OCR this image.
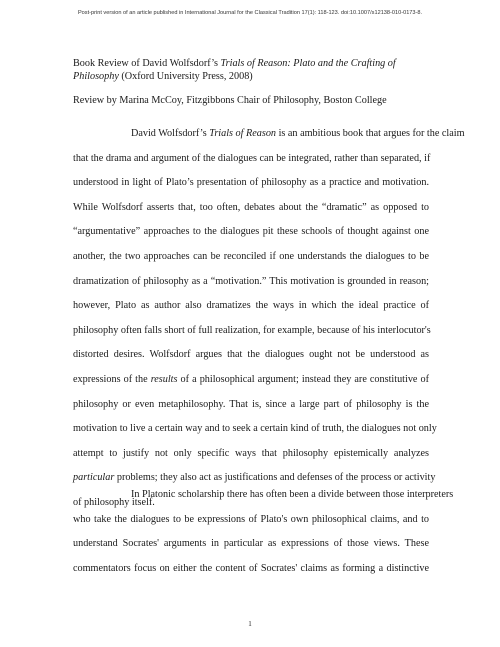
Post-print version of an article published in International Journal for the Classical Tradition 17(1): 118-123. doi:10.1007/s12138-010-0173-8.
Book Review of David Wolfsdorf’s Trials of Reason: Plato and the Crafting of Philosophy (Oxford University Press, 2008)
Review by Marina McCoy, Fitzgibbons Chair of Philosophy, Boston College
David Wolfsdorf’s Trials of Reason is an ambitious book that argues for the claim
that the drama and argument of the dialogues can be integrated, rather than separated, if
understood in light of Plato’s presentation of philosophy as a practice and motivation.
While Wolfsdorf asserts that, too often, debates about the “dramatic” as opposed to
“argumentative” approaches to the dialogues pit these schools of thought against one
another, the two approaches can be reconciled if one understands the dialogues to be
dramatization of philosophy as a “motivation.” This motivation is grounded in reason;
however, Plato as author also dramatizes the ways in which the ideal practice of
philosophy often falls short of full realization, for example, because of his interlocutor's
distorted desires. Wolfsdorf argues that the dialogues ought not be understood as
expressions of the results of a philosophical argument; instead they are constitutive of
philosophy or even metaphilosophy. That is, since a large part of philosophy is the
motivation to live a certain way and to seek a certain kind of truth, the dialogues not only
attempt to justify not only specific ways that philosophy epistemically analyzes
particular problems; they also act as justifications and defenses of the process or activity
of philosophy itself.
In Platonic scholarship there has often been a divide between those interpreters
who take the dialogues to be expressions of Plato's own philosophical claims, and to
understand Socrates' arguments in particular as expressions of those views. These
commentators focus on either the content of Socrates' claims as forming a distinctive
1
